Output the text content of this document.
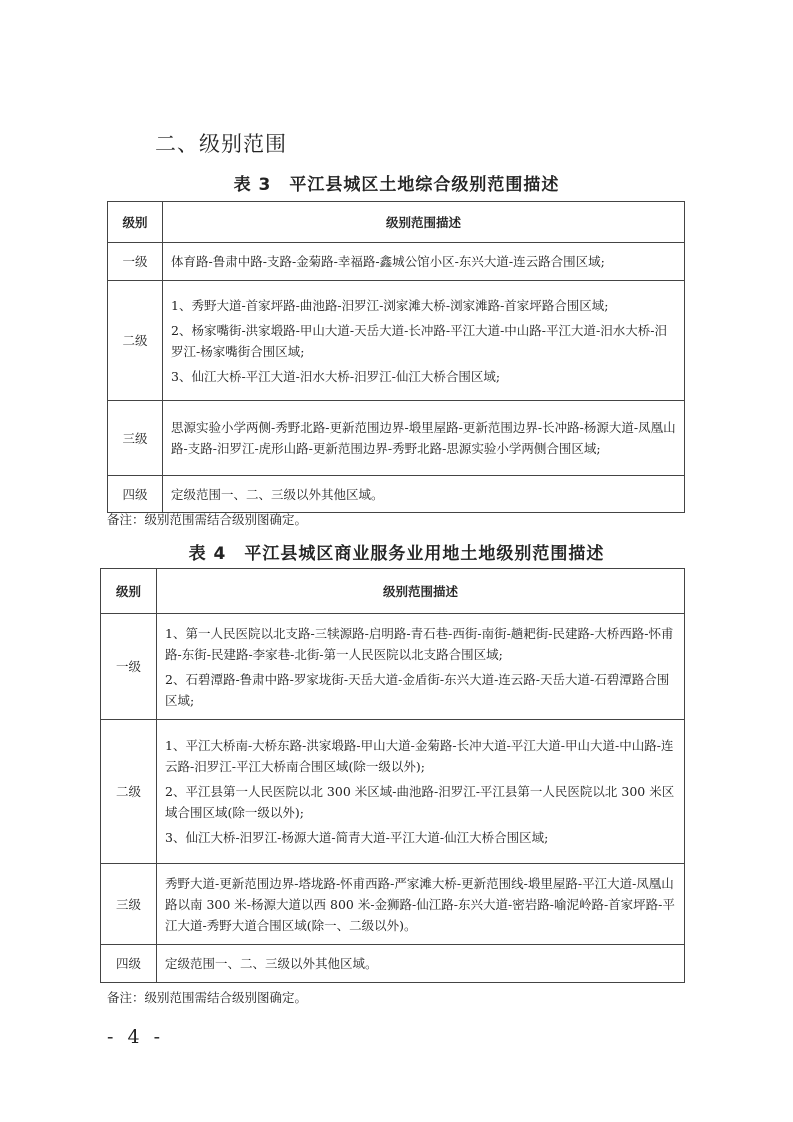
二、级别范围
表 3　平江县城区土地综合级别范围描述
级别	级别范围描述
一级	体育路-鲁肃中路-支路-金菊路-幸福路-鑫城公馆小区-东兴大道-连云路合围区域;

二级	1、秀野大道-首家坪路-曲池路-汨罗江-浏家滩大桥-浏家滩路-首家坪路合围区域;

2、杨家嘴街-洪家塅路-甲山大道-天岳大道-长冲路-平江大道-中山路-平江大道-汨水大桥-汨罗江-杨家嘴街合围区域;

3、仙江大桥-平江大道-汨水大桥-汨罗江-仙江大桥合围区域;

三级	思源实验小学两侧-秀野北路-更新范围边界-塅里屋路-更新范围边界-长冲路-杨源大道-凤凰山路-支路-汨罗江-虎形山路-更新范围边界-秀野北路-思源实验小学两侧合围区域;

四级	定级范围一、二、三级以外其他区域。

备注：级别范围需结合级别图确定。
表 4　平江县城区商业服务业用地土地级别范围描述
级别	级别范围描述
一级	1、第一人民医院以北支路-三犊源路-启明路-青石巷-西街-南街-趟耙街-民建路-大桥西路-怀甫路-东街-民建路-李家巷-北街-第一人民医院以北支路合围区域;

2、石碧潭路-鲁肃中路-罗家垅街-天岳大道-金盾街-东兴大道-连云路-天岳大道-石碧潭路合围区域;

二级	1、平江大桥南-大桥东路-洪家塅路-甲山大道-金菊路-长冲大道-平江大道-甲山大道-中山路-连云路-汨罗江-平江大桥南合围区域(除一级以外);

2、平江县第一人民医院以北 300 米区域-曲池路-汨罗江-平江县第一人民医院以北 300 米区域合围区域(除一级以外);

3、仙江大桥-汨罗江-杨源大道-简青大道-平江大道-仙江大桥合围区域;

三级	秀野大道-更新范围边界-塔垅路-怀甫西路-严家滩大桥-更新范围线-塅里屋路-平江大道-凤凰山路以南 300 米-杨源大道以西 800 米-金狮路-仙江路-东兴大道-密岩路-喻泥岭路-首家坪路-平江大道-秀野大道合围区域(除一、二级以外)。

四级	定级范围一、二、三级以外其他区域。

备注：级别范围需结合级别图确定。
- 4 -
